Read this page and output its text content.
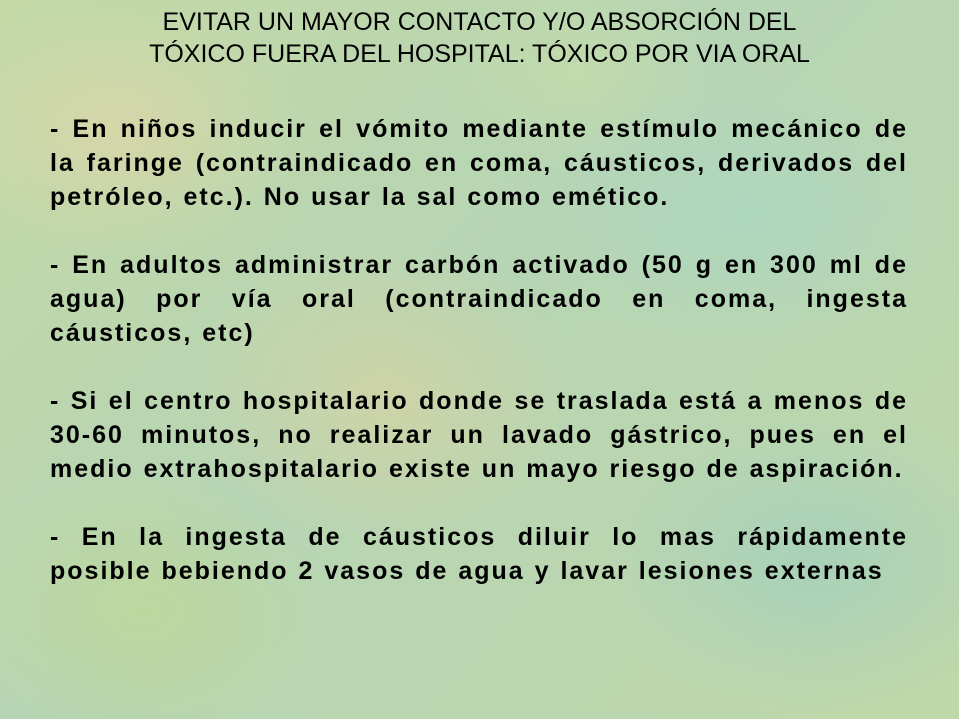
EVITAR UN MAYOR CONTACTO Y/O ABSORCIÓN DEL
TÓXICO FUERA DEL HOSPITAL: TÓXICO POR VIA ORAL

- En niños inducir el vómito mediante estímulo mecánico de la faringe (contraindicado en coma, cáusticos, derivados del petróleo, etc.). No usar la sal como emético.

- En adultos administrar carbón activado (50 g en 300 ml de agua) por vía oral (contraindicado en coma, ingesta cáusticos, etc)

- Si el centro hospitalario donde se traslada está a menos de 30-60 minutos, no realizar un lavado gástrico, pues en el medio extrahospitalario existe un mayo riesgo de aspiración.

- En la ingesta de cáusticos diluir lo mas rápidamente posible bebiendo 2 vasos de agua y lavar lesiones externas
